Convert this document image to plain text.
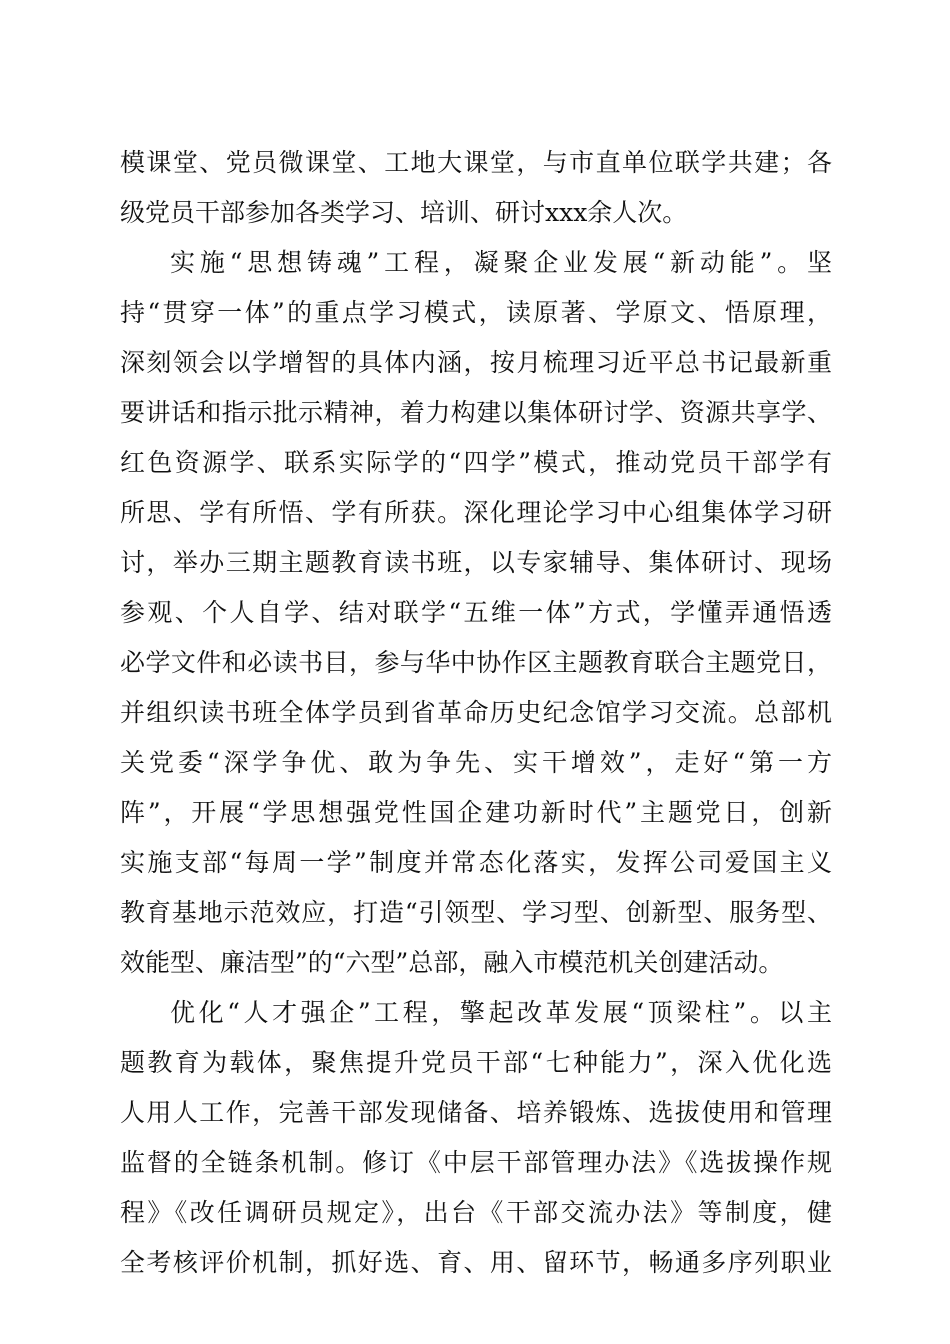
模课堂、党员微课堂、工地大课堂，与市直单位联学共建；各
级党员干部参加各类学习、培训、研讨xxx余人次。
实施“思想铸魂”工程，凝聚企业发展“新动能”。坚
持“贯穿一体”的重点学习模式，读原著、学原文、悟原理，
深刻领会以学增智的具体内涵，按月梳理习近平总书记最新重
要讲话和指示批示精神，着力构建以集体研讨学、资源共享学、
红色资源学、联系实际学的“四学”模式，推动党员干部学有
所思、学有所悟、学有所获。深化理论学习中心组集体学习研
讨，举办三期主题教育读书班，以专家辅导、集体研讨、现场
参观、个人自学、结对联学“五维一体”方式，学懂弄通悟透
必学文件和必读书目，参与华中协作区主题教育联合主题党日，
并组织读书班全体学员到省革命历史纪念馆学习交流。总部机
关党委“深学争优、敢为争先、实干增效”，走好“第一方
阵”，开展“学思想强党性国企建功新时代”主题党日，创新
实施支部“每周一学”制度并常态化落实，发挥公司爱国主义
教育基地示范效应，打造“引领型、学习型、创新型、服务型、
效能型、廉洁型”的“六型”总部，融入市模范机关创建活动。
优化“人才强企”工程，擎起改革发展“顶梁柱”。以主
题教育为载体，聚焦提升党员干部“七种能力”，深入优化选
人用人工作，完善干部发现储备、培养锻炼、选拔使用和管理
监督的全链条机制。修订《中层干部管理办法》《选拔操作规
程》《改任调研员规定》，出台《干部交流办法》等制度，健
全考核评价机制，抓好选、育、用、留环节，畅通多序列职业
